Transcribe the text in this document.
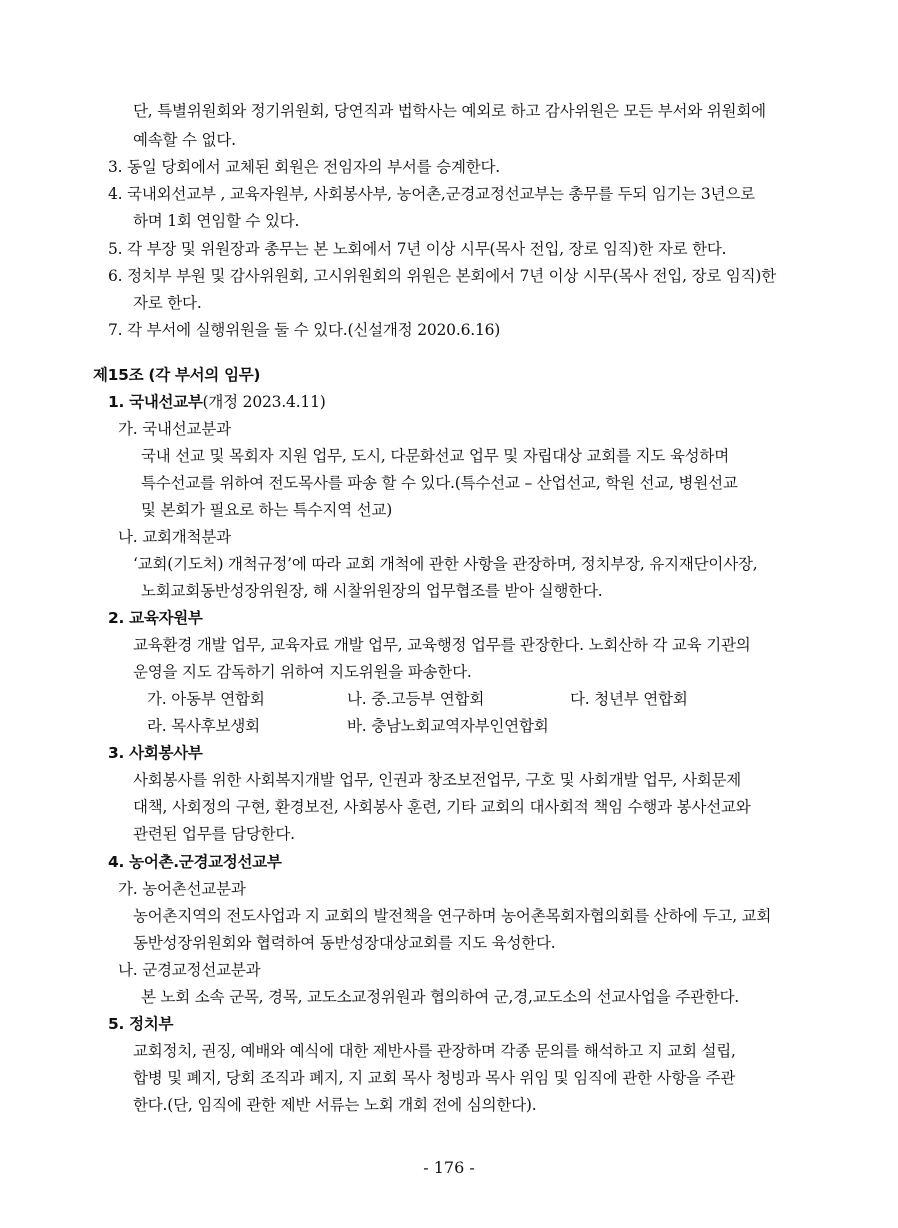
단, 특별위원회와 정기위원회, 당연직과 법학사는 예외로 하고 감사위원은 모든 부서와 위원회에
예속할 수 없다.
3. 동일 당회에서 교체된 회원은 전임자의 부서를 승계한다.
4. 국내외선교부 , 교육자원부, 사회봉사부, 농어촌,군경교정선교부는 총무를 두되 임기는 3년으로
하며 1회 연임할 수 있다.
5. 각 부장 및 위원장과 총무는 본 노회에서 7년 이상 시무(목사 전입, 장로 임직)한 자로 한다.
6. 정치부 부원 및 감사위원회, 고시위원회의 위원은 본회에서 7년 이상 시무(목사 전입, 장로 임직)한
자로 한다.
7. 각 부서에 실행위원을 둘 수 있다.(신설개정 2020.6.16)
제15조 (각 부서의 임무)
1. 국내선교부(개정 2023.4.11)
가. 국내선교분과
국내 선교 및 목회자 지원 업무, 도시, 다문화선교 업무 및 자립대상 교회를 지도 육성하며
특수선교를 위하여 전도목사를 파송 할 수 있다.(특수선교 – 산업선교, 학원 선교, 병원선교
및 본회가 필요로 하는 특수지역 선교)
나. 교회개척분과
‘교회(기도처) 개척규정’에 따라 교회 개척에 관한 사항을 관장하며, 정치부장, 유지재단이사장,
노회교회동반성장위원장, 해 시찰위원장의 업무협조를 받아 실행한다.
2. 교육자원부
교육환경 개발 업무, 교육자료 개발 업무, 교육행정 업무를 관장한다. 노회산하 각 교육 기관의
운영을 지도 감독하기 위하여 지도위원을 파송한다.
가. 아동부 연합회	나. 중.고등부 연합회	다. 청년부 연합회
라. 목사후보생회	바. 충남노회교역자부인연합회
3. 사회봉사부
사회봉사를 위한 사회복지개발 업무, 인권과 창조보전업무, 구호 및 사회개발 업무, 사회문제
대책, 사회정의 구현, 환경보전, 사회봉사 훈련, 기타 교회의 대사회적 책임 수행과 봉사선교와
관련된 업무를 담당한다.
4. 농어촌.군경교정선교부
가. 농어촌선교분과
농어촌지역의 전도사업과 지 교회의 발전책을 연구하며 농어촌목회자협의회를 산하에 두고, 교회
동반성장위원회와 협력하여 동반성장대상교회를 지도 육성한다.
나. 군경교정선교분과
본 노회 소속 군목, 경목, 교도소교정위원과 협의하여 군,경,교도소의 선교사업을 주관한다.
5. 정치부
교회정치, 권징, 예배와 예식에 대한 제반사를 관장하며 각종 문의를 해석하고 지 교회 설립,
합병 및 폐지, 당회 조직과 폐지, 지 교회 목사 청빙과 목사 위임 및 임직에 관한 사항을 주관
한다.(단, 임직에 관한 제반 서류는 노회 개회 전에 심의한다).
- 176 -
